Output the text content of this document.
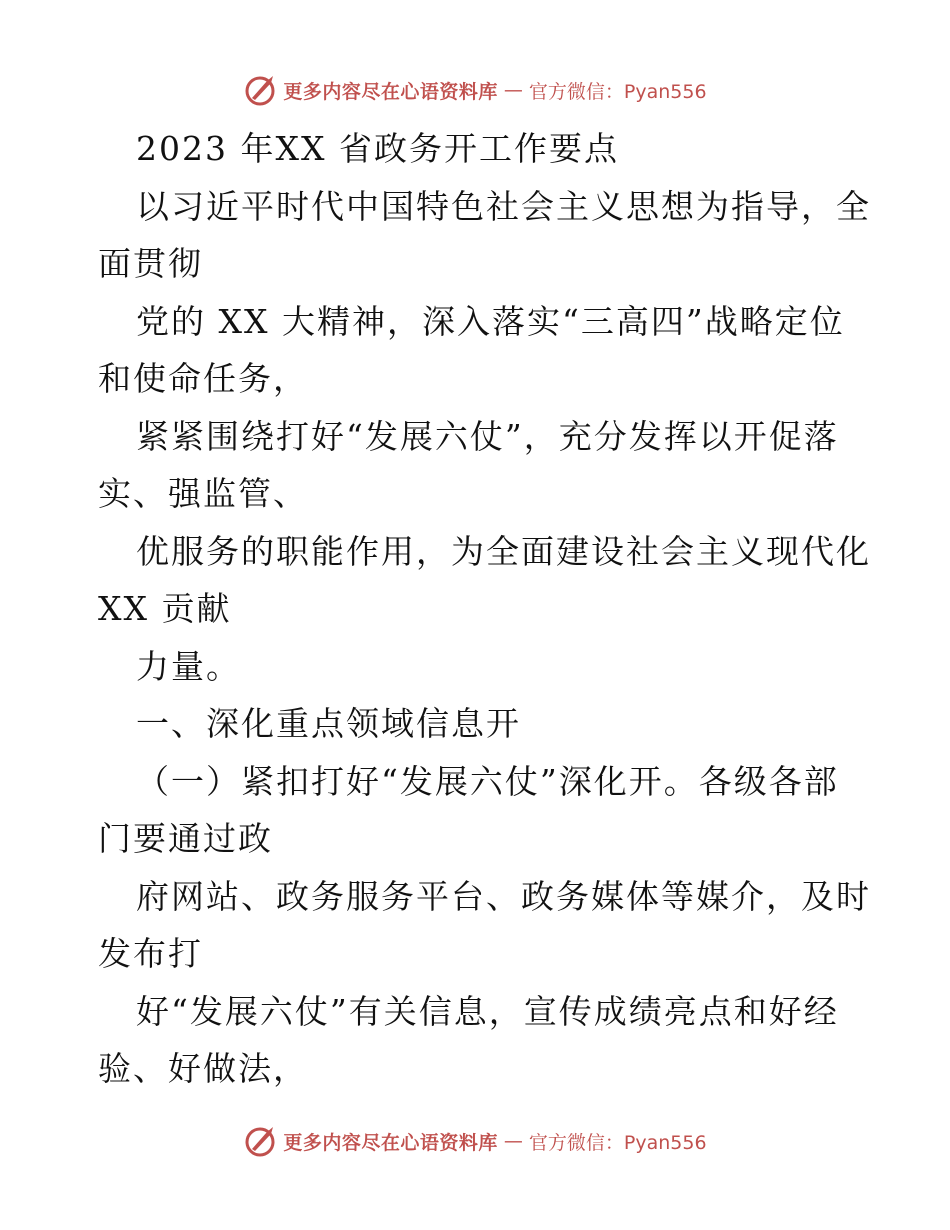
更多内容尽在心语资料库 — 官方微信：Pyan556
2023 年XX 省政务开工作要点
以习近平时代中国特色社会主义思想为指导，全
面贯彻
党的 XX 大精神，深入落实“三高四”战略定位
和使命任务，
紧紧围绕打好“发展六仗”，充分发挥以开促落
实、强监管、
优服务的职能作用，为全面建设社会主义现代化
XX 贡献
力量。
一、深化重点领域信息开
（一）紧扣打好“发展六仗”深化开。各级各部
门要通过政
府网站、政务服务平台、政务媒体等媒介，及时
发布打
好“发展六仗”有关信息，宣传成绩亮点和好经
验、好做法，
更多内容尽在心语资料库 — 官方微信：Pyan556
